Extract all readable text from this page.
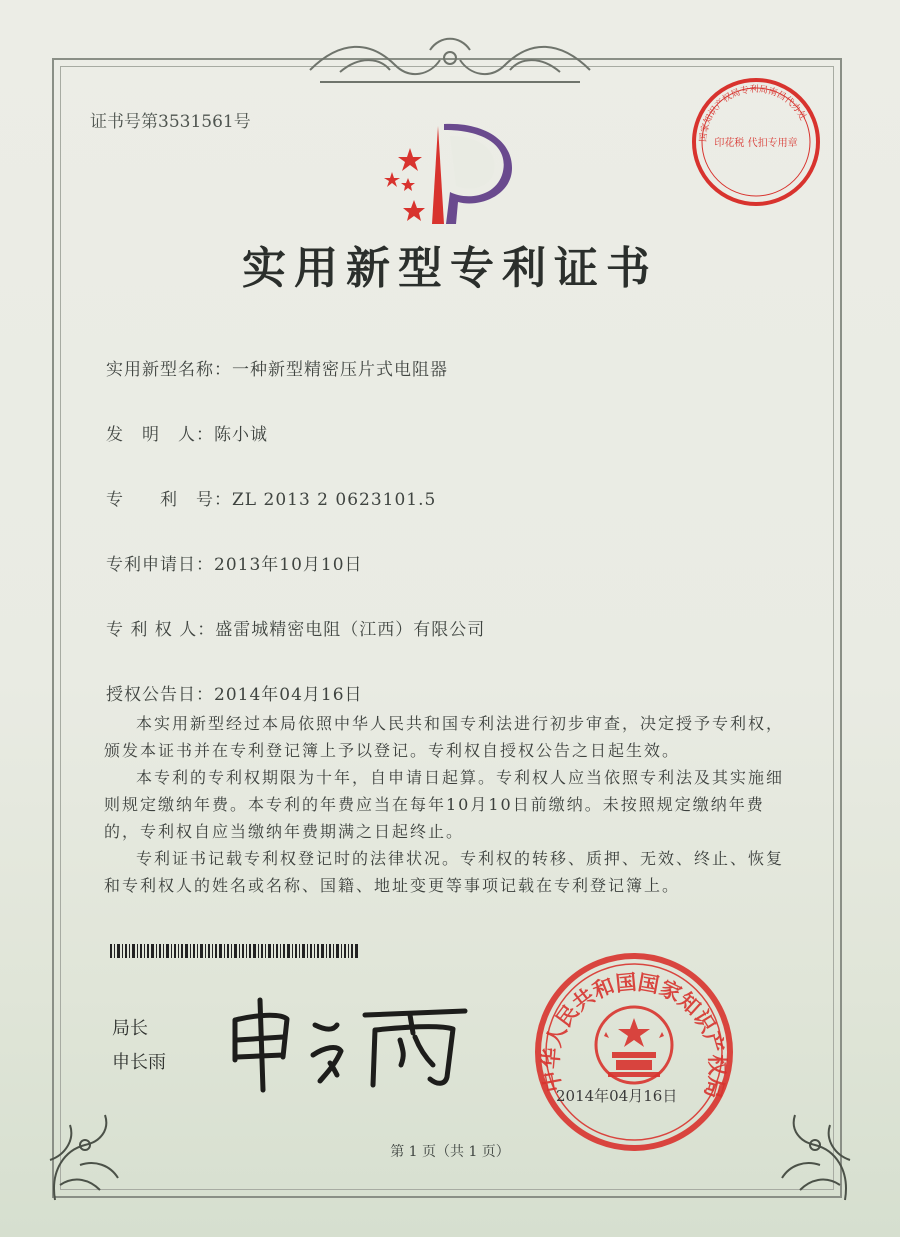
证书号第3531561号
国家知识产权局专利局南昌代办处
印花税 代扣专用章
实用新型专利证书
实用新型名称：一种新型精密压片式电阻器
发　明　人：陈小诚
专　　利　号：ZL 2013 2 0623101.5
专利申请日：2013年10月10日
专 利 权 人：盛雷城精密电阻（江西）有限公司
授权公告日：2014年04月16日

本实用新型经过本局依照中华人民共和国专利法进行初步审查，决定授予专利权，颁发本证书并在专利登记簿上予以登记。专利权自授权公告之日起生效。

本专利的专利权期限为十年，自申请日起算。专利权人应当依照专利法及其实施细则规定缴纳年费。本专利的年费应当在每年10月10日前缴纳。未按照规定缴纳年费的，专利权自应当缴纳年费期满之日起终止。

专利证书记载专利权登记时的法律状况。专利权的转移、质押、无效、终止、恢复和专利权人的姓名或名称、国籍、地址变更等事项记载在专利登记簿上。

局长
申长雨
中华人民共和国国家知识产权局
2014年04月16日
第 1 页（共 1 页）
